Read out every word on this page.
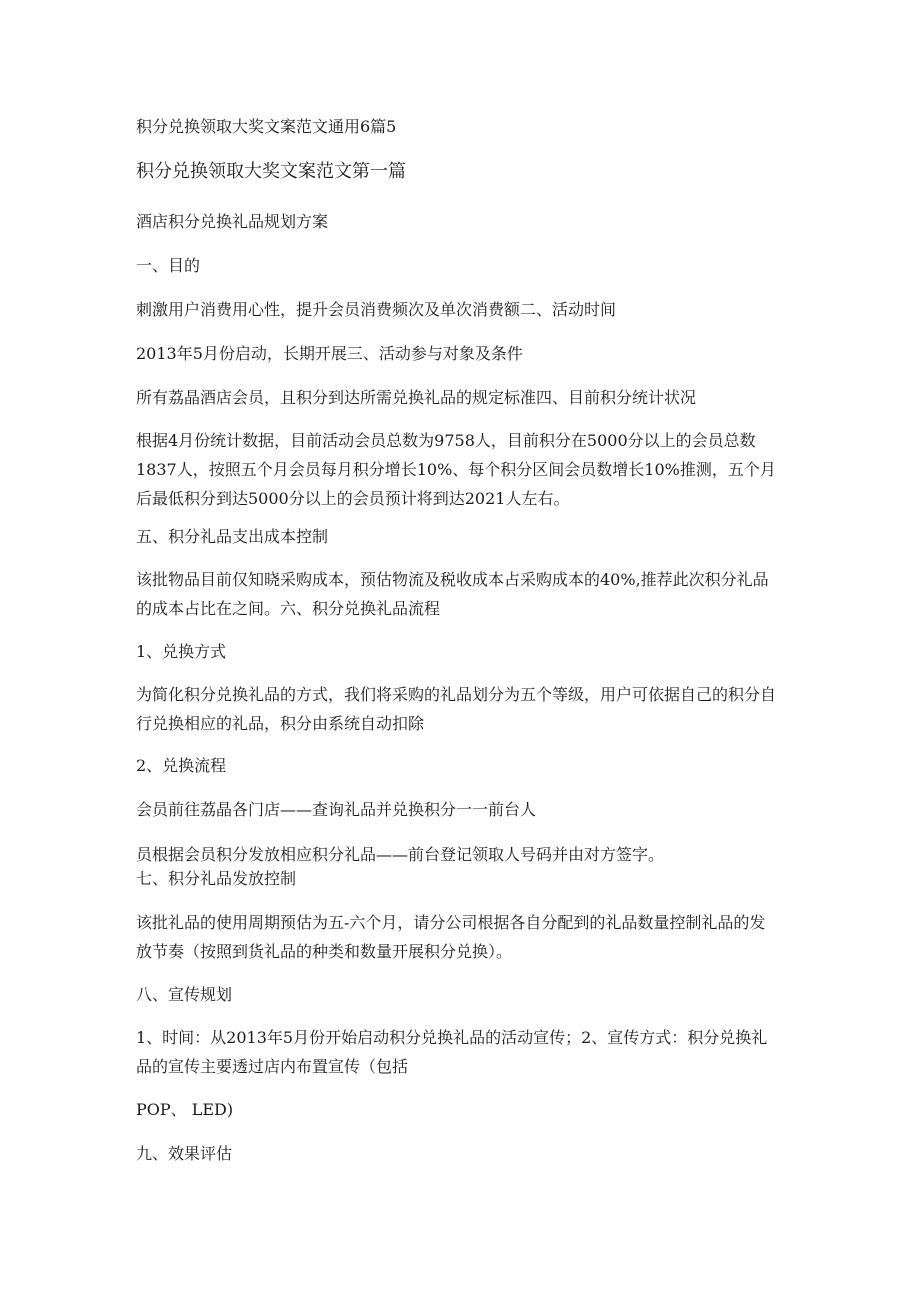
积分兑换领取大奖文案范文通用6篇5

积分兑换领取大奖文案范文第一篇

酒店积分兑换礼品规划方案

一、目的

刺激用户消费用心性，提升会员消费频次及单次消费额二、活动时间

2013年5月份启动，长期开展三、活动参与对象及条件

所有荔晶酒店会员，且积分到达所需兑换礼品的规定标准四、目前积分统计状况

根据4月份统计数据，目前活动会员总数为9758人，目前积分在5000分以上的会员总数1837人，按照五个月会员每月积分增长10%、每个积分区间会员数增长10%推测，五个月后最低积分到达5000分以上的会员预计将到达2021人左右。

五、积分礼品支出成本控制

该批物品目前仅知晓采购成本，预估物流及税收成本占采购成本的40%,推荐此次积分礼品的成本占比在之间。六、积分兑换礼品流程

1、兑换方式

为简化积分兑换礼品的方式，我们将采购的礼品划分为五个等级，用户可依据自己的积分自行兑换相应的礼品，积分由系统自动扣除

2、兑换流程

会员前往荔晶各门店——查询礼品并兑换积分一一前台人

员根据会员积分发放相应积分礼品——前台登记领取人号码并由对方签字。

七、积分礼品发放控制

该批礼品的使用周期预估为五-六个月，请分公司根据各自分配到的礼品数量控制礼品的发放节奏（按照到货礼品的种类和数量开展积分兑换）。

八、宣传规划

1、时间：从2013年5月份开始启动积分兑换礼品的活动宣传；2、宣传方式：积分兑换礼品的宣传主要透过店内布置宣传（包括

POP、 LED)

九、效果评估
